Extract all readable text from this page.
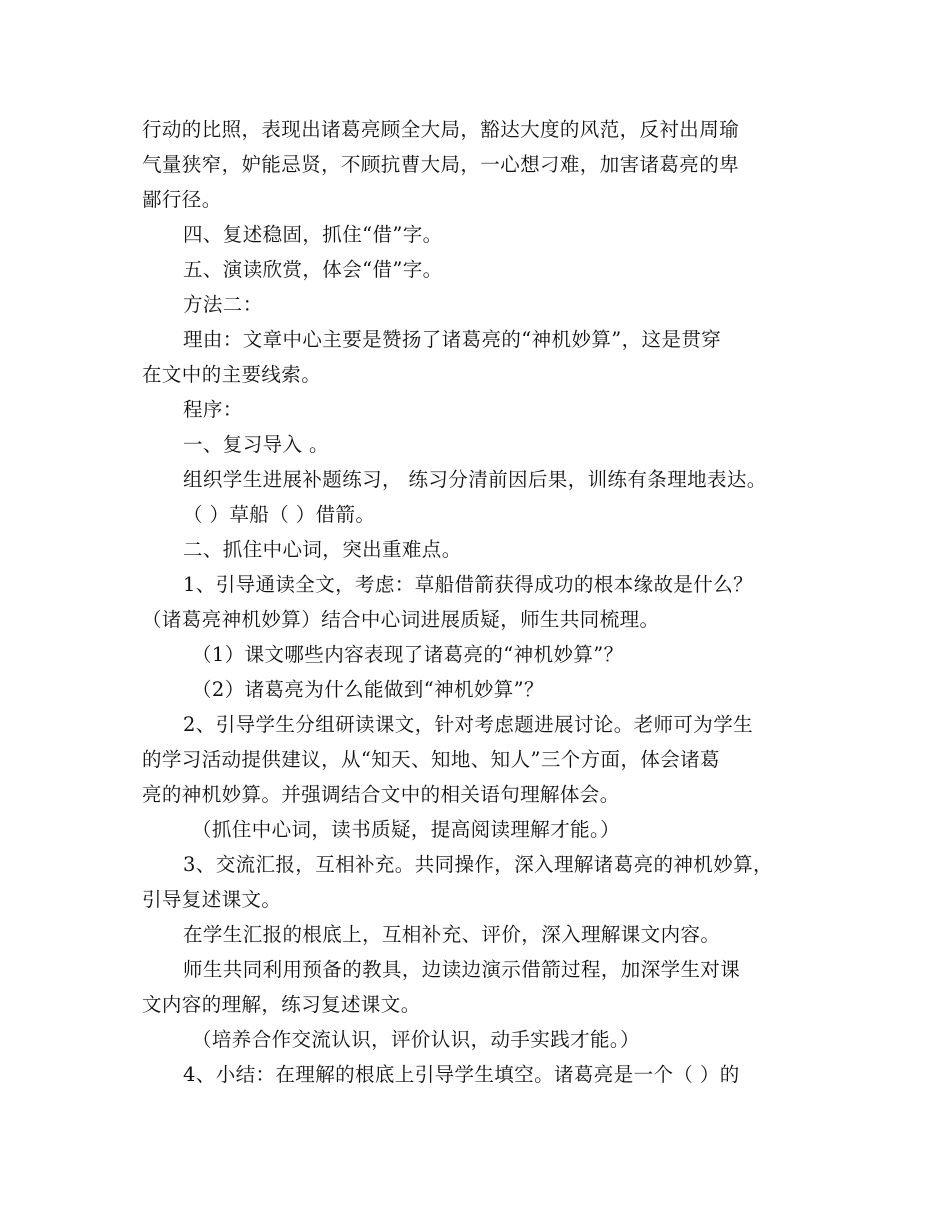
行动的比照，表现出诸葛亮顾全大局，豁达大度的风范，反衬出周瑜

气量狭窄，妒能忌贤，不顾抗曹大局，一心想刁难，加害诸葛亮的卑

鄙行径。

四、复述稳固，抓住“借”字。

五、演读欣赏，体会“借”字。

方法二：

理由：文章中心主要是赞扬了诸葛亮的“神机妙算”，这是贯穿

在文中的主要线索。

程序：

一、复习导入 。

组织学生进展补题练习， 练习分清前因后果，训练有条理地表达。

（ ）草船（ ）借箭。

二、抓住中心词，突出重难点。

1、引导通读全文，考虑：草船借箭获得成功的根本缘故是什么？

（诸葛亮神机妙算）结合中心词进展质疑，师生共同梳理。

（1）课文哪些内容表现了诸葛亮的“神机妙算”？

（2）诸葛亮为什么能做到“神机妙算”？

2、引导学生分组研读课文，针对考虑题进展讨论。老师可为学生

的学习活动提供建议，从“知天、知地、知人”三个方面，体会诸葛

亮的神机妙算。并强调结合文中的相关语句理解体会。

（抓住中心词，读书质疑，提高阅读理解才能。）

3、交流汇报，互相补充。共同操作，深入理解诸葛亮的神机妙算，

引导复述课文。

在学生汇报的根底上，互相补充、评价，深入理解课文内容。

师生共同利用预备的教具，边读边演示借箭过程，加深学生对课

文内容的理解，练习复述课文。

（培养合作交流认识，评价认识，动手实践才能。）

4、小结：在理解的根底上引导学生填空。诸葛亮是一个（ ）的
